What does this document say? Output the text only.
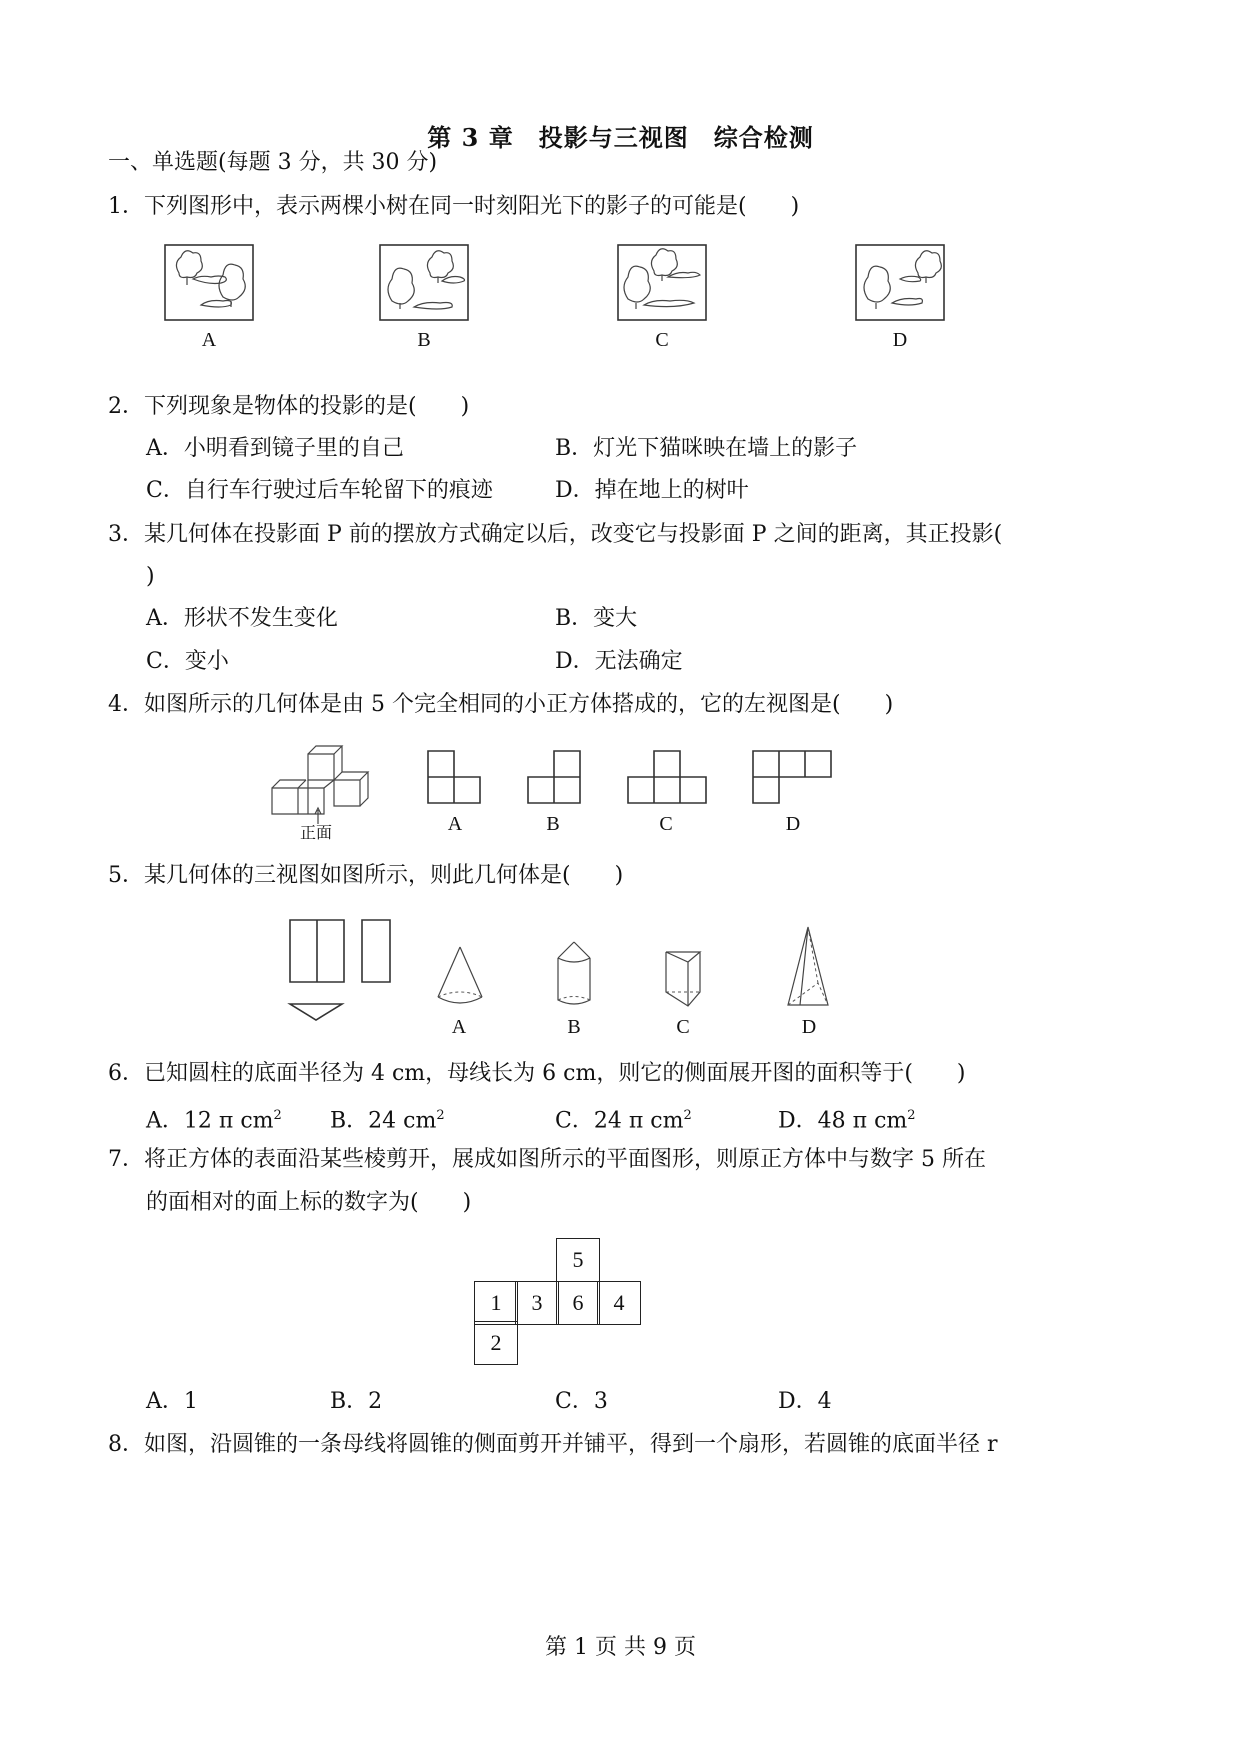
第 3 章　投影与三视图　综合检测
一、单选题(每题 3 分，共 30 分)
1．下列图形中，表示两棵小树在同一时刻阳光下的影子的可能是(　　)
A	B	C	D
2．下列现象是物体的投影的是(　　)
A．小明看到镜子里的自己	B．灯光下猫咪映在墙上的影子
C．自行车行驶过后车轮留下的痕迹	D．掉在地上的树叶
3．某几何体在投影面 P 前的摆放方式确定以后，改变它与投影面 P 之间的距离，其正投影(
)
A．形状不发生变化	B．变大
C．变小	D．无法确定
4．如图所示的几何体是由 5 个完全相同的小正方体搭成的，它的左视图是(　　)
正面	A	B	C	D
5．某几何体的三视图如图所示，则此几何体是(　　)
A	B	C	D
6．已知圆柱的底面半径为 4 cm，母线长为 6 cm，则它的侧面展开图的面积等于(　　)
A．12 π $cm^2$ B．24 $cm^2$	C．24 π $cm^2$	D．48 π $cm^2$
7．将正方体的表面沿某些棱剪开，展成如图所示的平面图形，则原正方体中与数字 5 所在
的面相对的面上标的数字为(　　)
5
1	3	6	4
2
A．1	B．2	C．3	D．4
8．如图，沿圆锥的一条母线将圆锥的侧面剪开并铺平，得到一个扇形，若圆锥的底面半径 r
第 1 页 共 9 页
